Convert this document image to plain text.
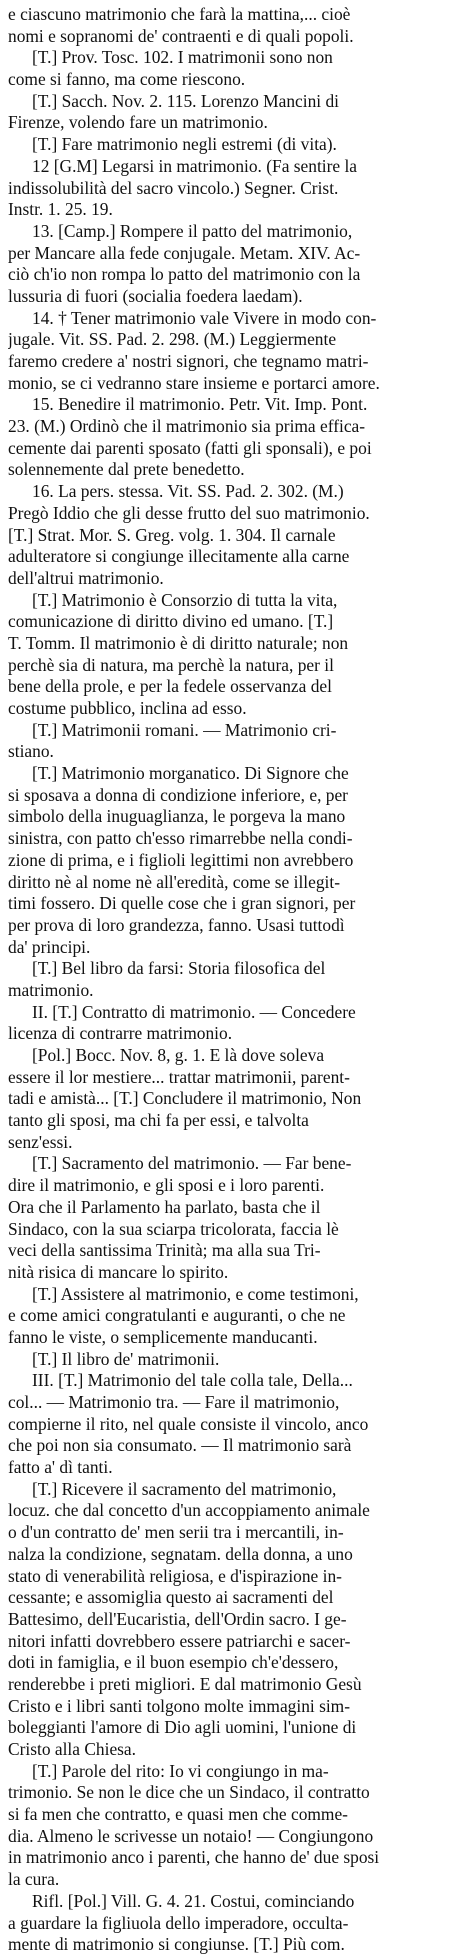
e ciascuno matrimonio che farà la mattina,... cioè
nomi e sopranomi de' contraenti e di quali popoli.
[T.] Prov. Tosc. 102. I matrimonii sono non
come si fanno, ma come riescono.
[T.] Sacch. Nov. 2. 115. Lorenzo Mancini di
Firenze, volendo fare un matrimonio.
[T.] Fare matrimonio negli estremi (di vita).
12 [G.M] Legarsi in matrimonio. (Fa sentire la
indissolubilità del sacro vincolo.) Segner. Crist.
Instr. 1. 25. 19.
13. [Camp.] Rompere il patto del matrimonio,
per Mancare alla fede conjugale. Metam. XIV. Ac-
ciò ch'io non rompa lo patto del matrimonio con la
lussuria di fuori (socialia foedera laedam).
14. † Tener matrimonio vale Vivere in modo con-
jugale. Vit. SS. Pad. 2. 298. (M.) Leggiermente
faremo credere a' nostri signori, che tegnamo matri-
monio, se ci vedranno stare insieme e portarci amore.
15. Benedire il matrimonio. Petr. Vit. Imp. Pont.
23. (M.) Ordinò che il matrimonio sia prima effica-
cemente dai parenti sposato (fatti gli sponsali), e poi
solennemente dal prete benedetto.
16. La pers. stessa. Vit. SS. Pad. 2. 302. (M.)
Pregò Iddio che gli desse frutto del suo matrimonio.
[T.] Strat. Mor. S. Greg. volg. 1. 304. Il carnale
adulteratore si congiunge illecitamente alla carne
dell'altrui matrimonio.
[T.] Matrimonio è Consorzio di tutta la vita,
comunicazione di diritto divino ed umano. [T.]
T. Tomm. Il matrimonio è di diritto naturale; non
perchè sia di natura, ma perchè la natura, per il
bene della prole, e per la fedele osservanza del
costume pubblico, inclina ad esso.
[T.] Matrimonii romani. — Matrimonio cri-
stiano.
[T.] Matrimonio morganatico. Di Signore che
si sposava a donna di condizione inferiore, e, per
simbolo della inuguaglianza, le porgeva la mano
sinistra, con patto ch'esso rimarrebbe nella condi-
zione di prima, e i figlioli legittimi non avrebbero
diritto nè al nome nè all'eredità, come se illegit-
timi fossero. Di quelle cose che i gran signori, per
per prova di loro grandezza, fanno. Usasi tuttodì
da' principi.
[T.] Bel libro da farsi: Storia filosofica del
matrimonio.
II. [T.] Contratto di matrimonio. — Concedere
licenza di contrarre matrimonio.
[Pol.] Bocc. Nov. 8, g. 1. E là dove soleva
essere il lor mestiere... trattar matrimonii, parent-
tadi e amistà... [T.] Concludere il matrimonio, Non
tanto gli sposi, ma chi fa per essi, e talvolta
senz'essi.
[T.] Sacramento del matrimonio. — Far bene-
dire il matrimonio, e gli sposi e i loro parenti.
Ora che il Parlamento ha parlato, basta che il
Sindaco, con la sua sciarpa tricolorata, faccia lè
veci della santissima Trinità; ma alla sua Tri-
nità risica di mancare lo spirito.
[T.] Assistere al matrimonio, e come testimoni,
e come amici congratulanti e auguranti, o che ne
fanno le viste, o semplicemente manducanti.
[T.] Il libro de' matrimonii.
III. [T.] Matrimonio del tale colla tale, Della...
col... — Matrimonio tra. — Fare il matrimonio,
compierne il rito, nel quale consiste il vincolo, anco
che poi non sia consumato. — Il matrimonio sarà
fatto a' dì tanti.
[T.] Ricevere il sacramento del matrimonio,
locuz. che dal concetto d'un accoppiamento animale
o d'un contratto de' men serii tra i mercantili, in-
nalza la condizione, segnatam. della donna, a uno
stato di venerabilità religiosa, e d'ispirazione in-
cessante; e assomiglia questo ai sacramenti del
Battesimo, dell'Eucaristia, dell'Ordin sacro. I ge-
nitori infatti dovrebbero essere patriarchi e sacer-
doti in famiglia, e il buon esempio ch'e'dessero,
renderebbe i preti migliori. E dal matrimonio Gesù
Cristo e i libri santi tolgono molte immagini sim-
boleggianti l'amore di Dio agli uomini, l'unione di
Cristo alla Chiesa.
[T.] Parole del rito: Io vi congiungo in ma-
trimonio. Se non le dice che un Sindaco, il contratto
si fa men che contratto, e quasi men che comme-
dia. Almeno le scrivesse un notaio! — Congiungono
in matrimonio anco i parenti, che hanno de' due sposi
la cura.
Rifl. [Pol.] Vill. G. 4. 21. Costui, cominciando
a guardare la figliuola dello imperadore, occulta-
mente di matrimonio si congiunse. [T.] Più com.
